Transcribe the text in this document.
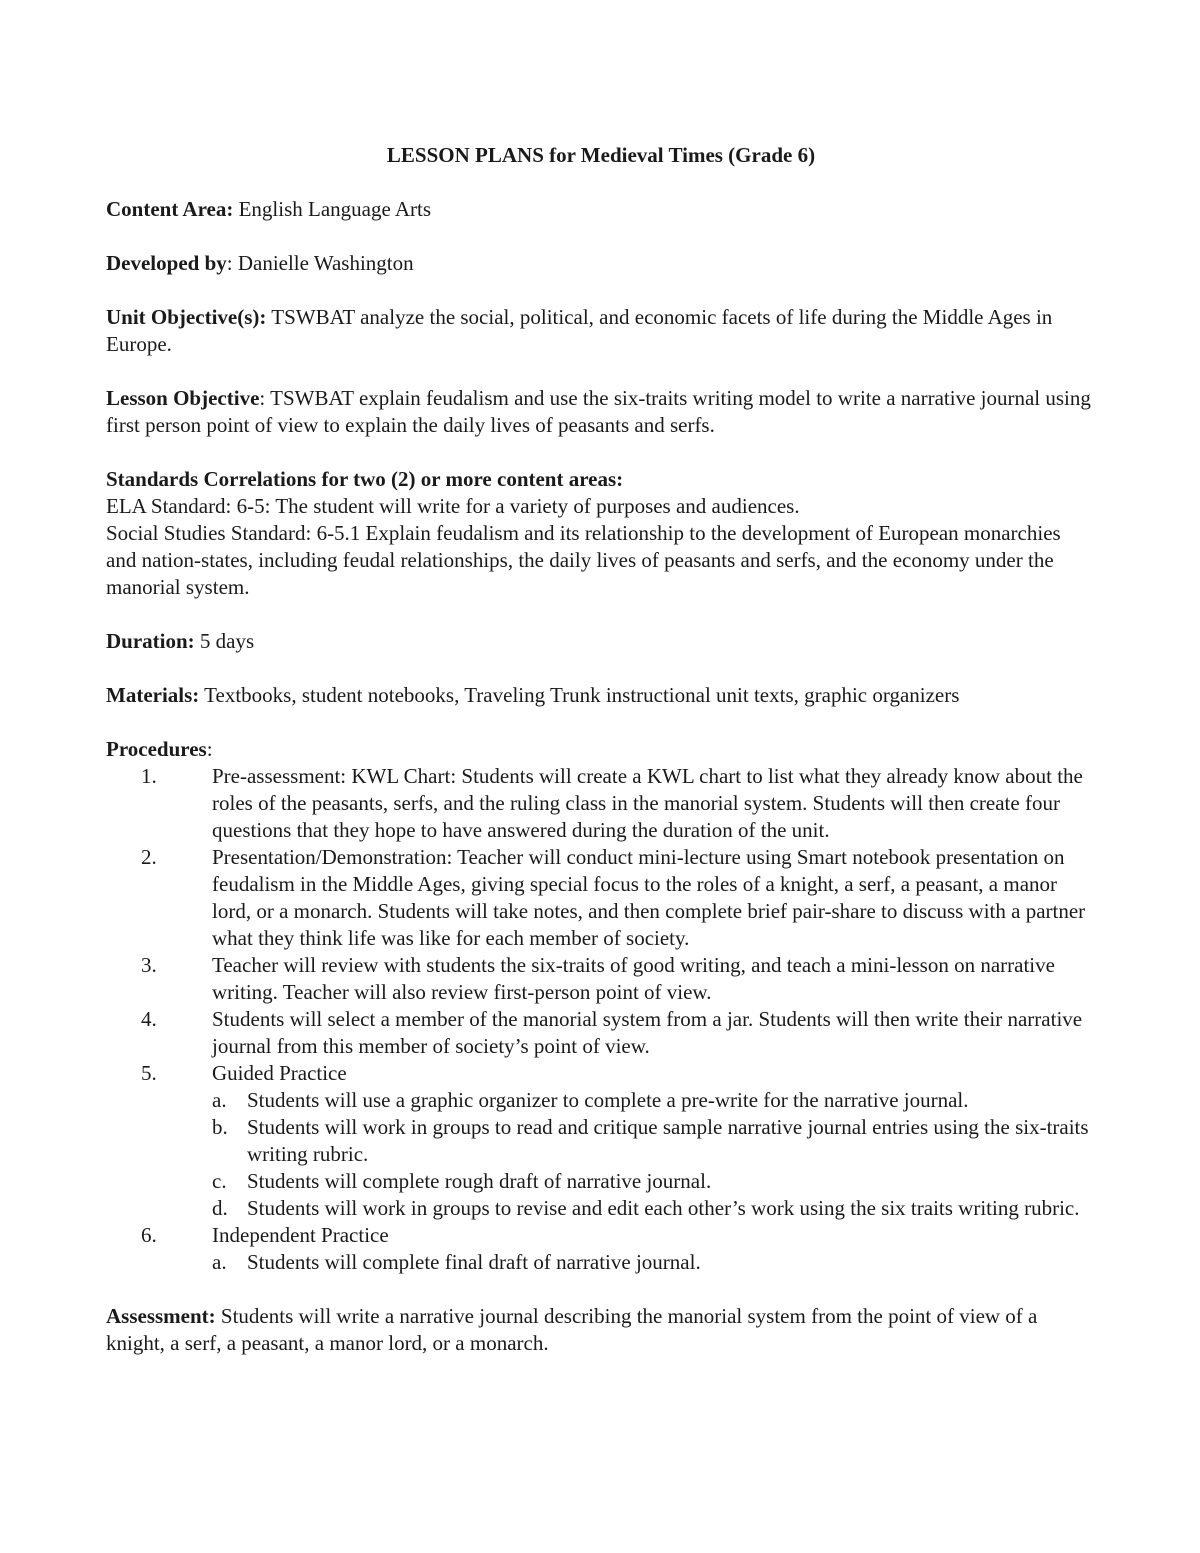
LESSON PLANS for Medieval Times (Grade 6)

Content Area: English Language Arts

Developed by: Danielle Washington

Unit Objective(s): TSWBAT analyze the social, political, and economic facets of life during the Middle Ages in Europe.

Lesson Objective: TSWBAT explain feudalism and use the six-traits writing model to write a narrative journal using first person point of view to explain the daily lives of peasants and serfs.

Standards Correlations for two (2) or more content areas:

ELA Standard: 6-5: The student will write for a variety of purposes and audiences.

Social Studies Standard: 6-5.1 Explain feudalism and its relationship to the development of European monarchies and nation-states, including feudal relationships, the daily lives of peasants and serfs, and the economy under the manorial system.

Duration: 5 days

Materials: Textbooks, student notebooks, Traveling Trunk instructional unit texts, graphic organizers

Procedures:

1.	Pre-assessment: KWL Chart: Students will create a KWL chart to list what they already know about the roles of the peasants, serfs, and the ruling class in the manorial system. Students will then create four questions that they hope to have answered during the duration of the unit.
2.	Presentation/Demonstration: Teacher will conduct mini-lecture using Smart notebook presentation on feudalism in the Middle Ages, giving special focus to the roles of a knight, a serf, a peasant, a manor lord, or a monarch. Students will take notes, and then complete brief pair-share to discuss with a partner what they think life was like for each member of society.
3.	Teacher will review with students the six-traits of good writing, and teach a mini-lesson on narrative writing. Teacher will also review first-person point of view.
4.	Students will select a member of the manorial system from a jar. Students will then write their narrative journal from this member of society’s point of view.
5.	Guided Practice
a. Students will use a graphic organizer to complete a pre-write for the narrative journal.
b. Students will work in groups to read and critique sample narrative journal entries using the six-traits writing rubric.
c. Students will complete rough draft of narrative journal.
d. Students will work in groups to revise and edit each other’s work using the six traits writing rubric.
6.	Independent Practice
a. Students will complete final draft of narrative journal.

Assessment: Students will write a narrative journal describing the manorial system from the point of view of a knight, a serf, a peasant, a manor lord, or a monarch.
